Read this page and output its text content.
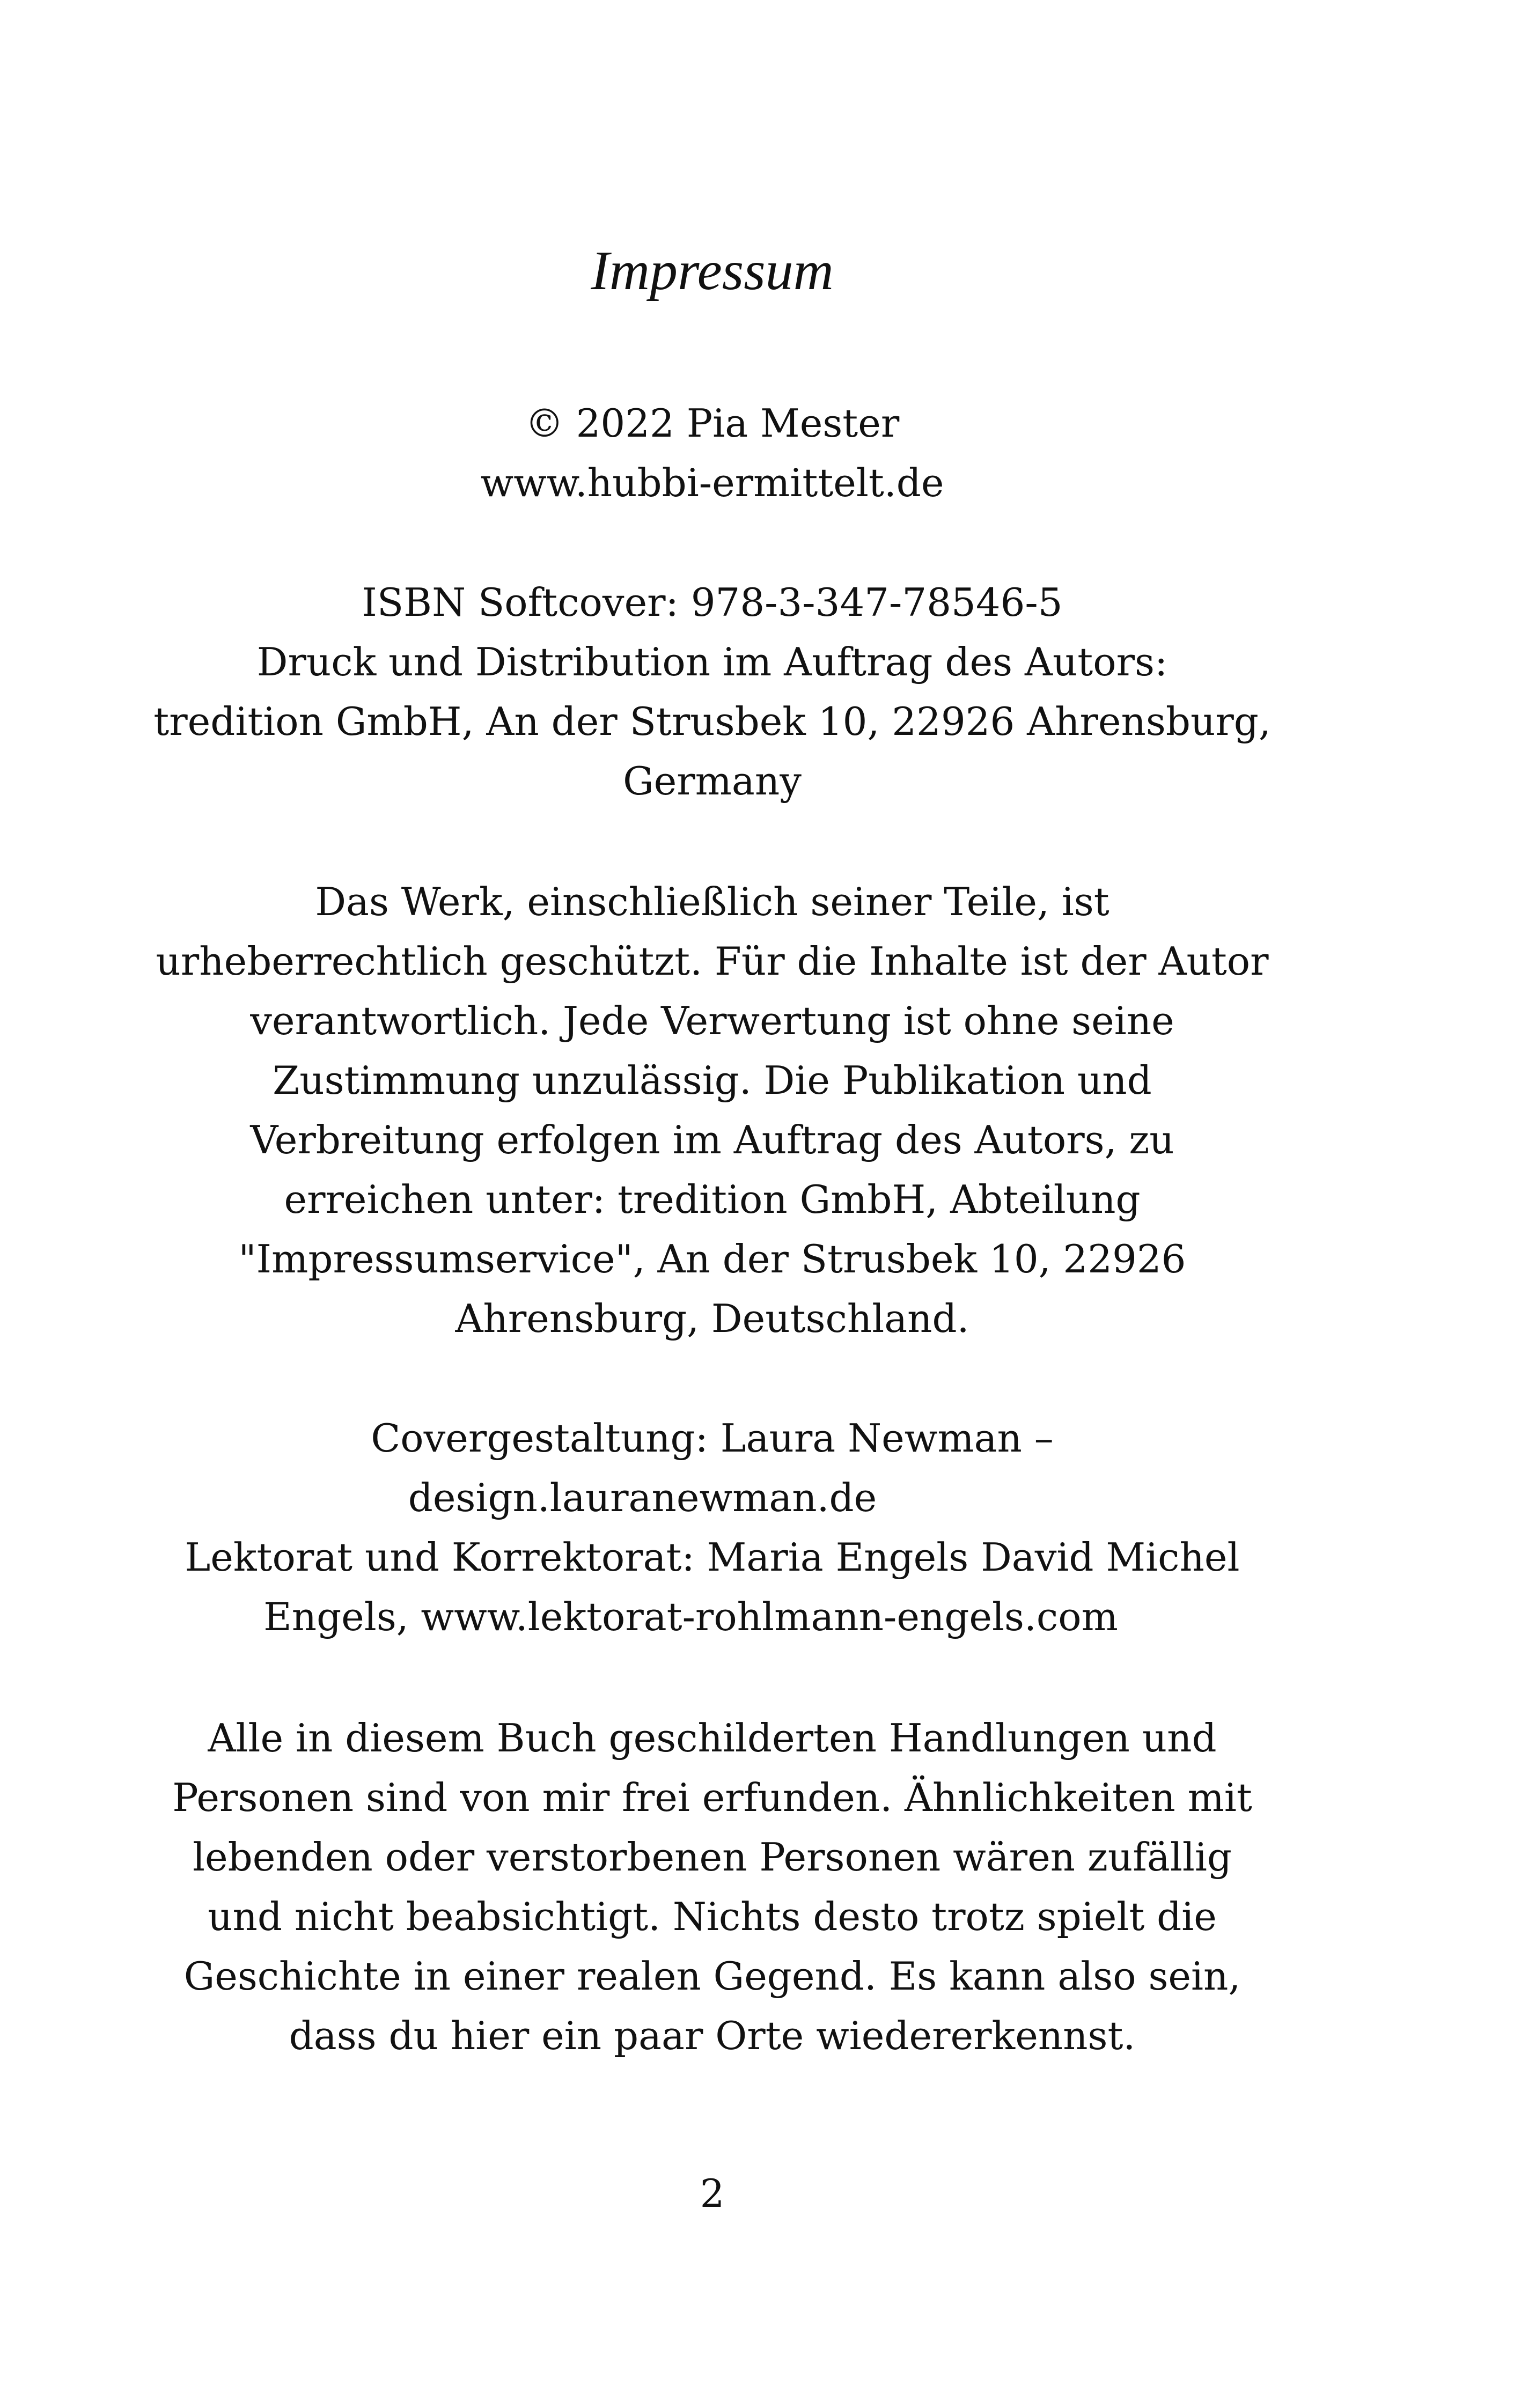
Impressum
© 2022 Pia Mester
www.hubbi-ermittelt.de
ISBN Softcover: 978-3-347-78546-5
Druck und Distribution im Auftrag des Autors:
tredition GmbH, An der Strusbek 10, 22926 Ahrensburg,
Germany
Das Werk, einschließlich seiner Teile, ist
urheberrechtlich geschützt. Für die Inhalte ist der Autor
verantwortlich. Jede Verwertung ist ohne seine
Zustimmung unzulässig. Die Publikation und
Verbreitung erfolgen im Auftrag des Autors, zu
erreichen unter: tredition GmbH, Abteilung
"Impressumservice", An der Strusbek 10, 22926
Ahrensburg, Deutschland.
Covergestaltung: Laura Newman –
design.lauranewman.de
Lektorat und Korrektorat: Maria Engels David Michel
Engels, www.lektorat-rohlmann-engels.com
Alle in diesem Buch geschilderten Handlungen und
Personen sind von mir frei erfunden. Ähnlichkeiten mit
lebenden oder verstorbenen Personen wären zufällig
und nicht beabsichtigt. Nichts desto trotz spielt die
Geschichte in einer realen Gegend. Es kann also sein,
dass du hier ein paar Orte wiedererkennst.
2
